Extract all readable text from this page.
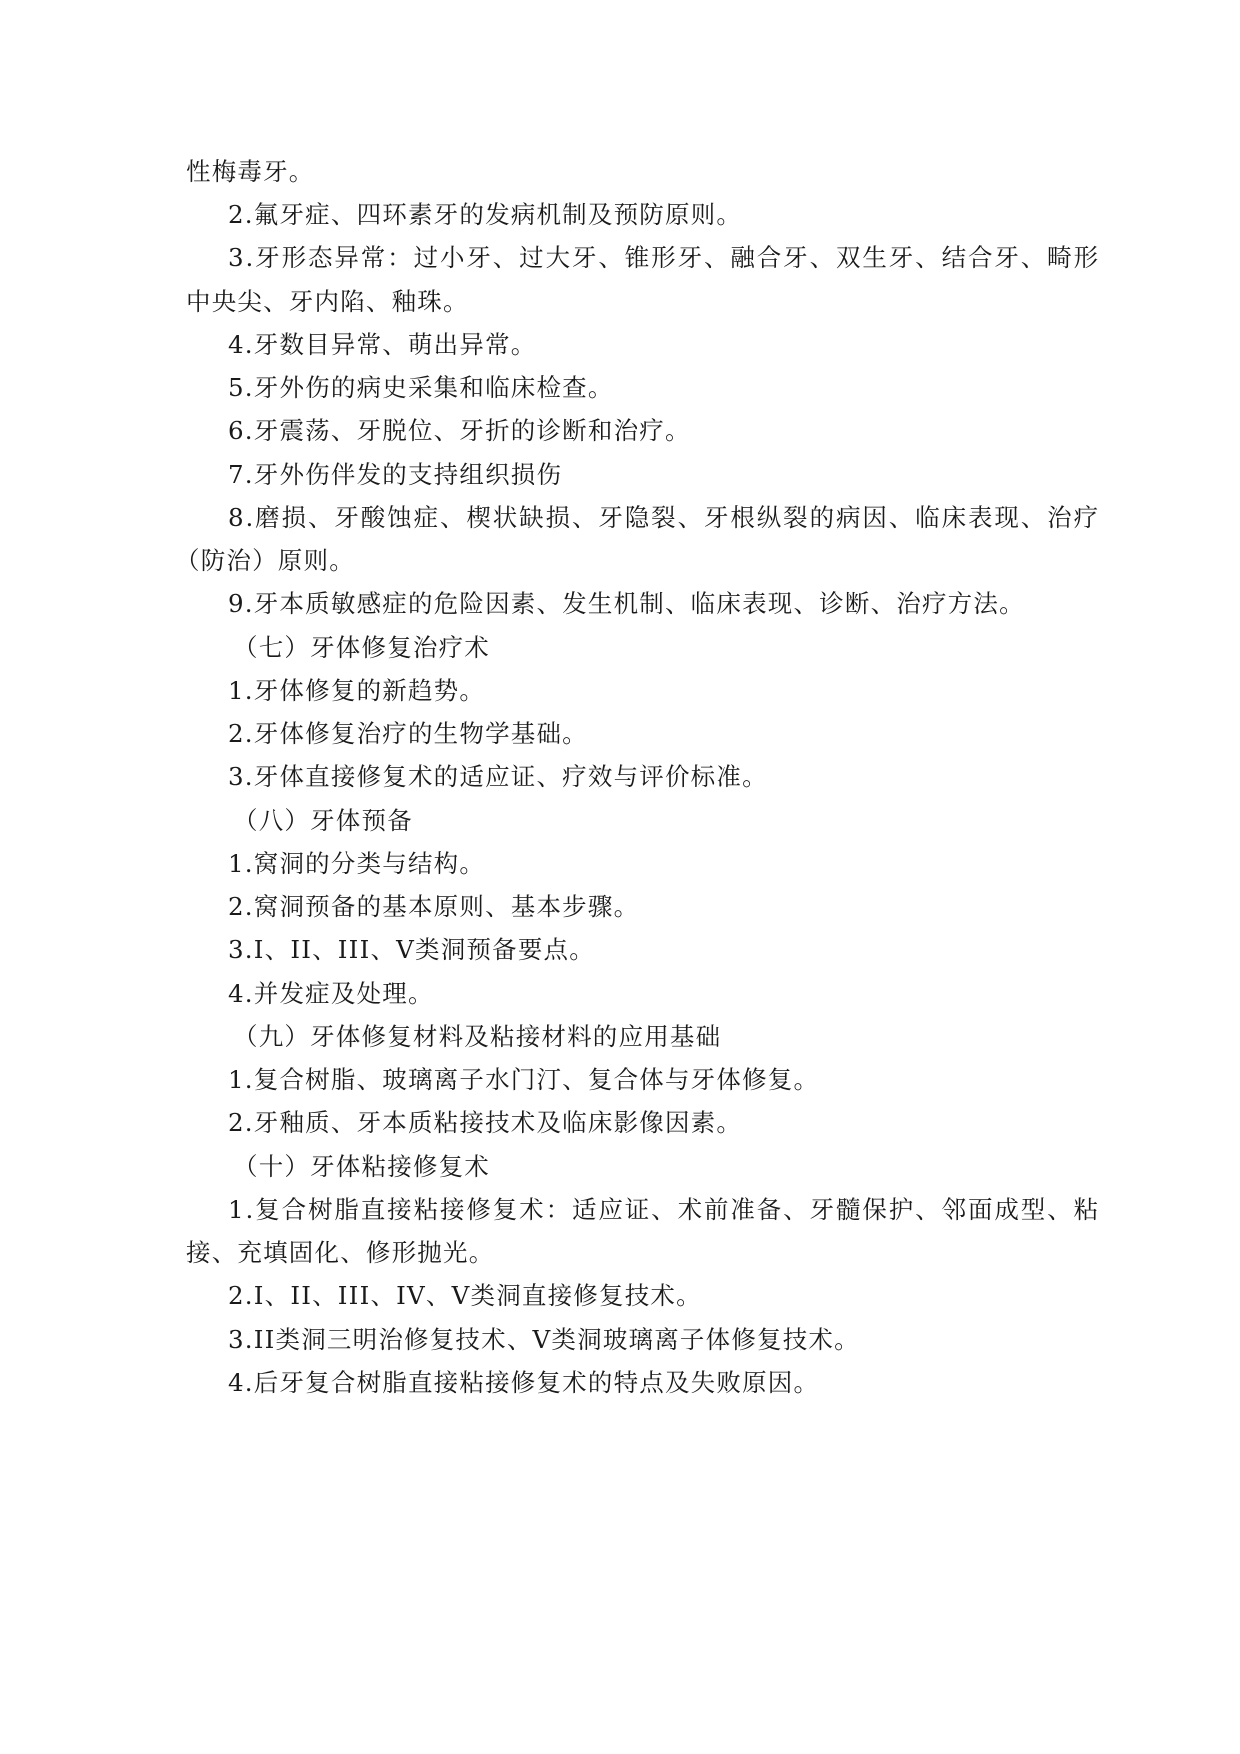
性梅毒牙。
2.氟牙症、四环素牙的发病机制及预防原则。
3.牙形态异常：过小牙、过大牙、锥形牙、融合牙、双生牙、结合牙、畸形
中央尖、牙内陷、釉珠。
4.牙数目异常、萌出异常。
5.牙外伤的病史采集和临床检查。
6.牙震荡、牙脱位、牙折的诊断和治疗。
7.牙外伤伴发的支持组织损伤
8.磨损、牙酸蚀症、楔状缺损、牙隐裂、牙根纵裂的病因、临床表现、治疗
（防治）原则。
9.牙本质敏感症的危险因素、发生机制、临床表现、诊断、治疗方法。
（七）牙体修复治疗术
1.牙体修复的新趋势。
2.牙体修复治疗的生物学基础。
3.牙体直接修复术的适应证、疗效与评价标准。
（八）牙体预备
1.窝洞的分类与结构。
2.窝洞预备的基本原则、基本步骤。
3.I、II、III、V类洞预备要点。
4.并发症及处理。
（九）牙体修复材料及粘接材料的应用基础
1.复合树脂、玻璃离子水门汀、复合体与牙体修复。
2.牙釉质、牙本质粘接技术及临床影像因素。
（十）牙体粘接修复术
1.复合树脂直接粘接修复术：适应证、术前准备、牙髓保护、邻面成型、粘
接、充填固化、修形抛光。
2.I、II、III、IV、V类洞直接修复技术。
3.II类洞三明治修复技术、V类洞玻璃离子体修复技术。
4.后牙复合树脂直接粘接修复术的特点及失败原因。
